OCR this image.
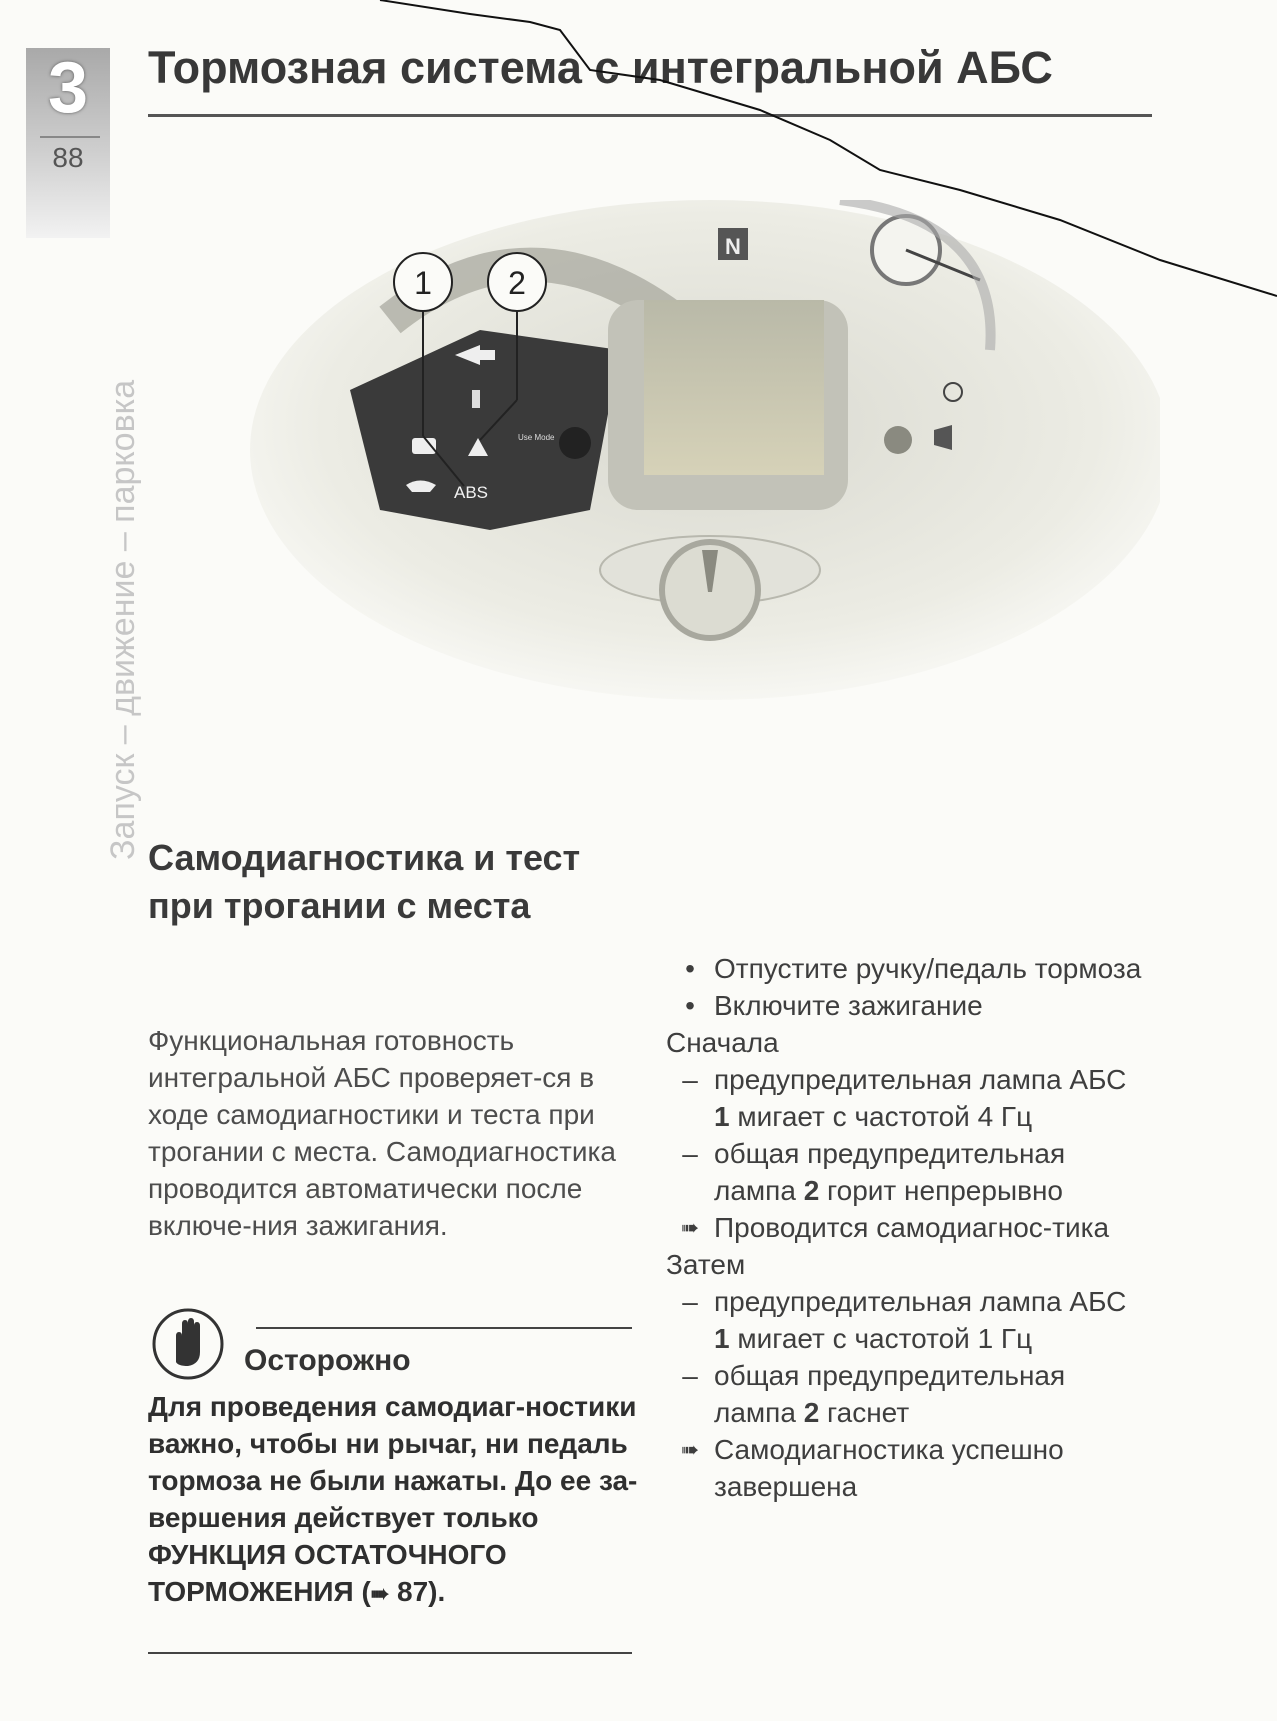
3
88
Запуск – движение – парковка
Тормозная система с интегральной АБС
ABS
Use Mode
N
1 2
Самодиагностика и тест при трогании с места
Функциональная готовность интегральной АБС проверяет-ся в ходе самодиагностики и теста при трогании с места. Самодиагностика проводится автоматически после включе-ния зажигания.
Осторожно
Для проведения самодиаг-ностики важно, чтобы ни рычаг, ни педаль тормоза не были нажаты. До ее за-вершения действует только ФУНКЦИЯ ОСТАТОЧНОГО ТОРМОЖЕНИЯ (➠ 87).
• Отпустите ручку/педаль тормоза
• Включите зажигание

Сначала

– предупредительная лампа АБС 1 мигает с частотой 4 Гц
– общая предупредительная лампа 2 горит непрерывно
➠ Проводится самодиагнос-тика

Затем

– предупредительная лампа АБС 1 мигает с частотой 1 Гц
– общая предупредительная лампа 2 гаснет
➠ Самодиагностика успешно завершена
